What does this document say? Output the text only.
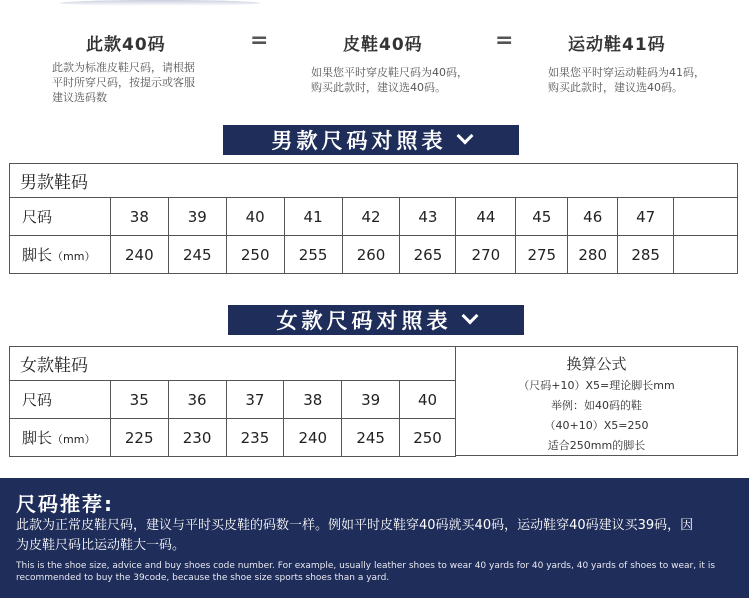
此款40码
此款为标准皮鞋尺码，请根据
平时所穿尺码，按提示或客服
建议选码数
=	皮鞋40码
如果您平时穿皮鞋尺码为40码，
购买此款时，建议选40码。
=	运动鞋41码
如果您平时穿运动鞋码为41码，
购买此款时，建议选40码。
男款尺码对照表
男款鞋码											
尺码	38	39	40	41	42	43	44	45	46	47	
脚长（mm）	240	245	250	255	260	265	270	275	280	285	
女款尺码对照表
女款鞋码						
尺码	35	36	37	38	39	40
脚长（mm）	225	230	235	240	245	250
换算公式
（尺码+10）X5=理论脚长mm
举例：如40码的鞋
（40+10）X5=250
适合250mm的脚长
尺码推荐:
此款为正常皮鞋尺码，建议与平时买皮鞋的码数一样。例如平时皮鞋穿40码就买40码，运动鞋穿40码建议买39码，因为皮鞋尺码比运动鞋大一码。
This is the shoe size, advice and buy shoes code number. For example, usually leather shoes to wear 40 yards for 40 yards, 40 yards of shoes to wear, it is recommended to buy the 39code, because the shoe size sports shoes than a yard.
